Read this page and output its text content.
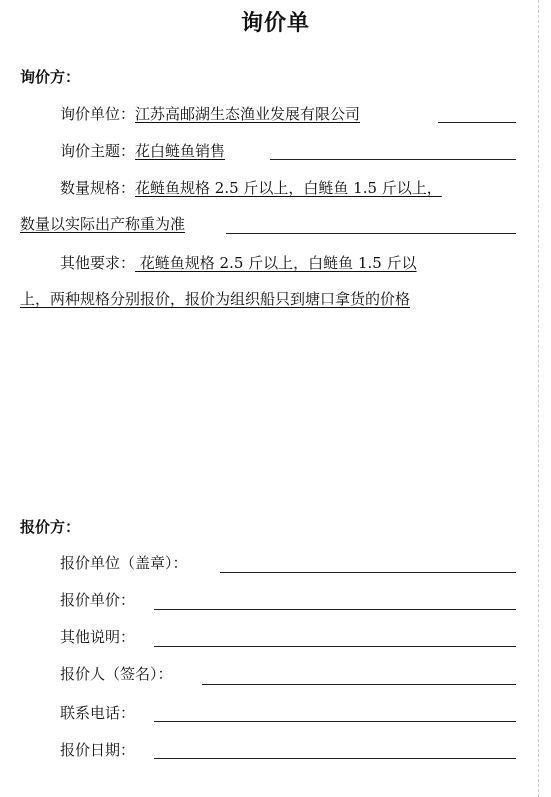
询价单
询价方：
询价单位：江苏高邮湖生态渔业发展有限公司
询价主题：花白鲢鱼销售
数量规格：花鲢鱼规格 2.5 斤以上，白鲢鱼 1.5 斤以上，
数量以实际出产称重为准
其他要求： 花鲢鱼规格 2.5 斤以上，白鲢鱼 1.5 斤以
上，两种规格分别报价，报价为组织船只到塘口拿货的价格
报价方：
报价单位（盖章）：
报价单价：
其他说明：
报价人（签名）：
联系电话：
报价日期：
